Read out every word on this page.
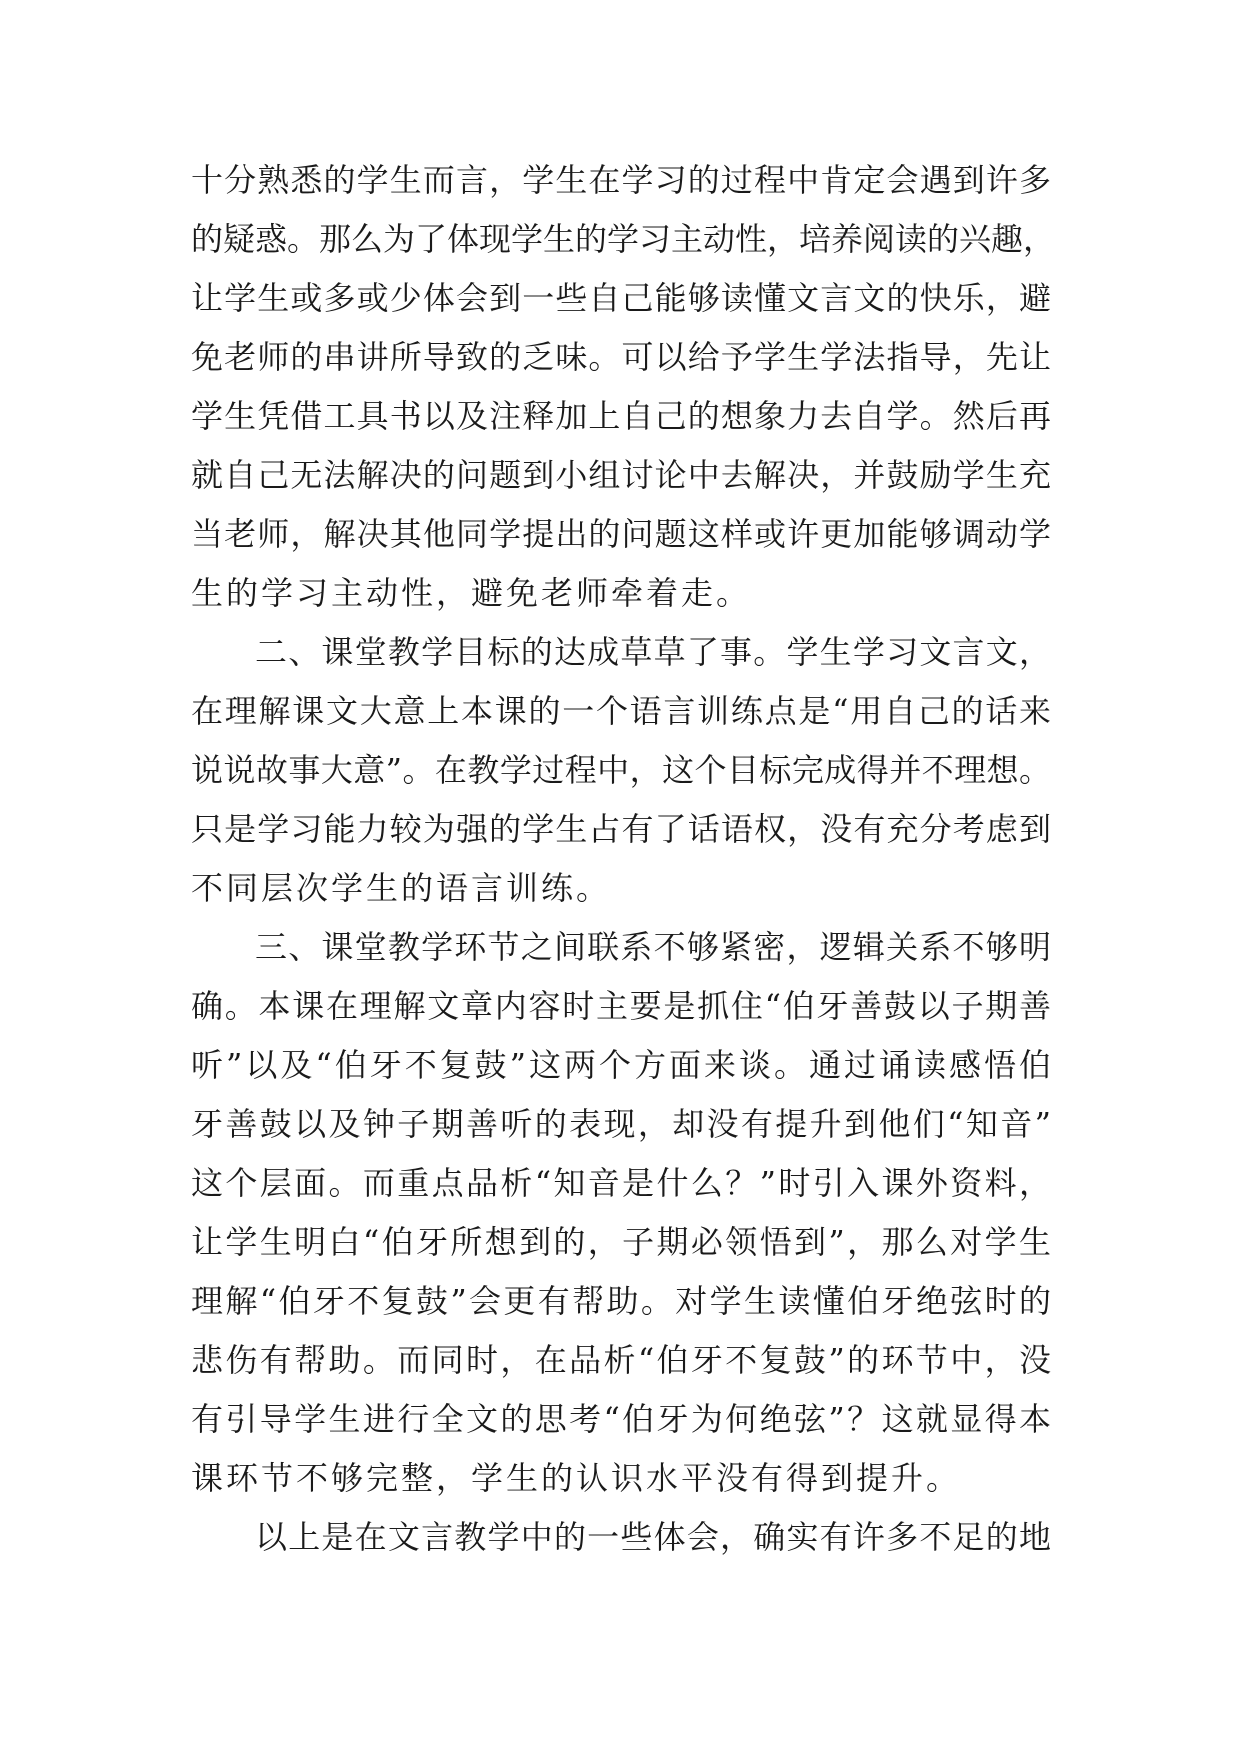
十分熟悉的学生而言，学生在学习的过程中肯定会遇到许多
的疑惑。那么为了体现学生的学习主动性，培养阅读的兴趣，
让学生或多或少体会到一些自己能够读懂文言文的快乐，避
免老师的串讲所导致的乏味。可以给予学生学法指导，先让
学生凭借工具书以及注释加上自己的想象力去自学。然后再
就自己无法解决的问题到小组讨论中去解决，并鼓励学生充
当老师，解决其他同学提出的问题这样或许更加能够调动学
生的学习主动性，避免老师牵着走。
二、课堂教学目标的达成草草了事。学生学习文言文，
在理解课文大意上本课的一个语言训练点是“用自己的话来
说说故事大意”。在教学过程中，这个目标完成得并不理想。
只是学习能力较为强的学生占有了话语权，没有充分考虑到
不同层次学生的语言训练。
三、课堂教学环节之间联系不够紧密，逻辑关系不够明
确。本课在理解文章内容时主要是抓住“伯牙善鼓以子期善
听”以及“伯牙不复鼓”这两个方面来谈。通过诵读感悟伯
牙善鼓以及钟子期善听的表现，却没有提升到他们“知音”
这个层面。而重点品析“知音是什么？”时引入课外资料，
让学生明白“伯牙所想到的，子期必领悟到”，那么对学生
理解“伯牙不复鼓”会更有帮助。对学生读懂伯牙绝弦时的
悲伤有帮助。而同时，在品析“伯牙不复鼓”的环节中，没
有引导学生进行全文的思考“伯牙为何绝弦”？这就显得本
课环节不够完整，学生的认识水平没有得到提升。
以上是在文言教学中的一些体会，确实有许多不足的地
